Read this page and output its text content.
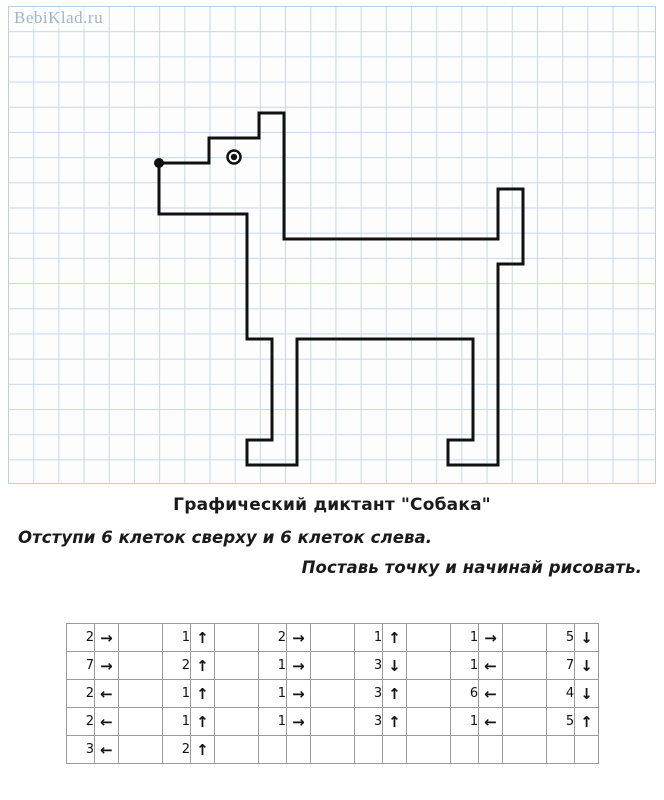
BebiKlad.ru
Графический диктант "Собака"
Отступи 6 клеток сверху и 6 клеток слева.
Поставь точку и начинай рисовать.
2	→		1	↑		2	→		1	↑		1	→		5	↓
7	→		2	↑		1	→		3	↓		1	←		7	↓
2	←		1	↑		1	→		3	↑		6	←		4	↓
2	←		1	↑		1	→		3	↑		1	←		5	↑
3	←		2	↑												
